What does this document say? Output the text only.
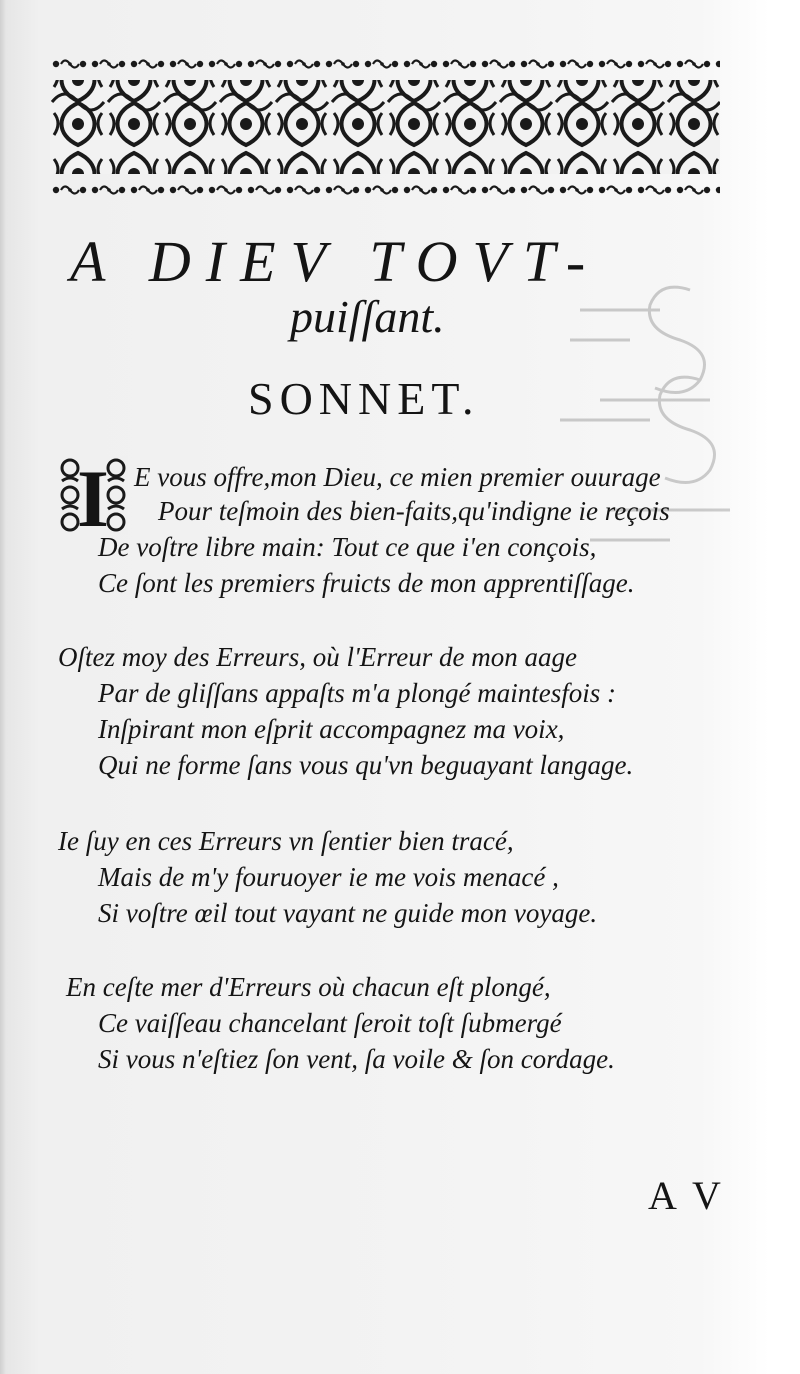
A DIEV TOVT-
puiſſant.
SONNET.
I E vous offre,mon Dieu, ce mien premier ouurage
Pour teſmoin des bien-faits,qu'indigne ie reçois
De voſtre libre main: Tout ce que i'en conçois,
Ce ſont les premiers fruicts de mon apprentiſſage.
Oſtez moy des Erreurs, où l'Erreur de mon aage
Par de gliſſans appaſts m'a plongé maintesfois :
Inſpirant mon eſprit accompagnez ma voix,
Qui ne forme ſans vous qu'vn beguayant langage.
Ie ſuy en ces Erreurs vn ſentier bien tracé,
Mais de m'y fouruoyer ie me vois menacé ,
Si voſtre œil tout vayant ne guide mon voyage.
En ceſte mer d'Erreurs où chacun eſt plongé,
Ce vaiſſeau chancelant ſeroit toſt ſubmergé
Si vous n'eſtiez ſon vent, ſa voile & ſon cordage.
A V
